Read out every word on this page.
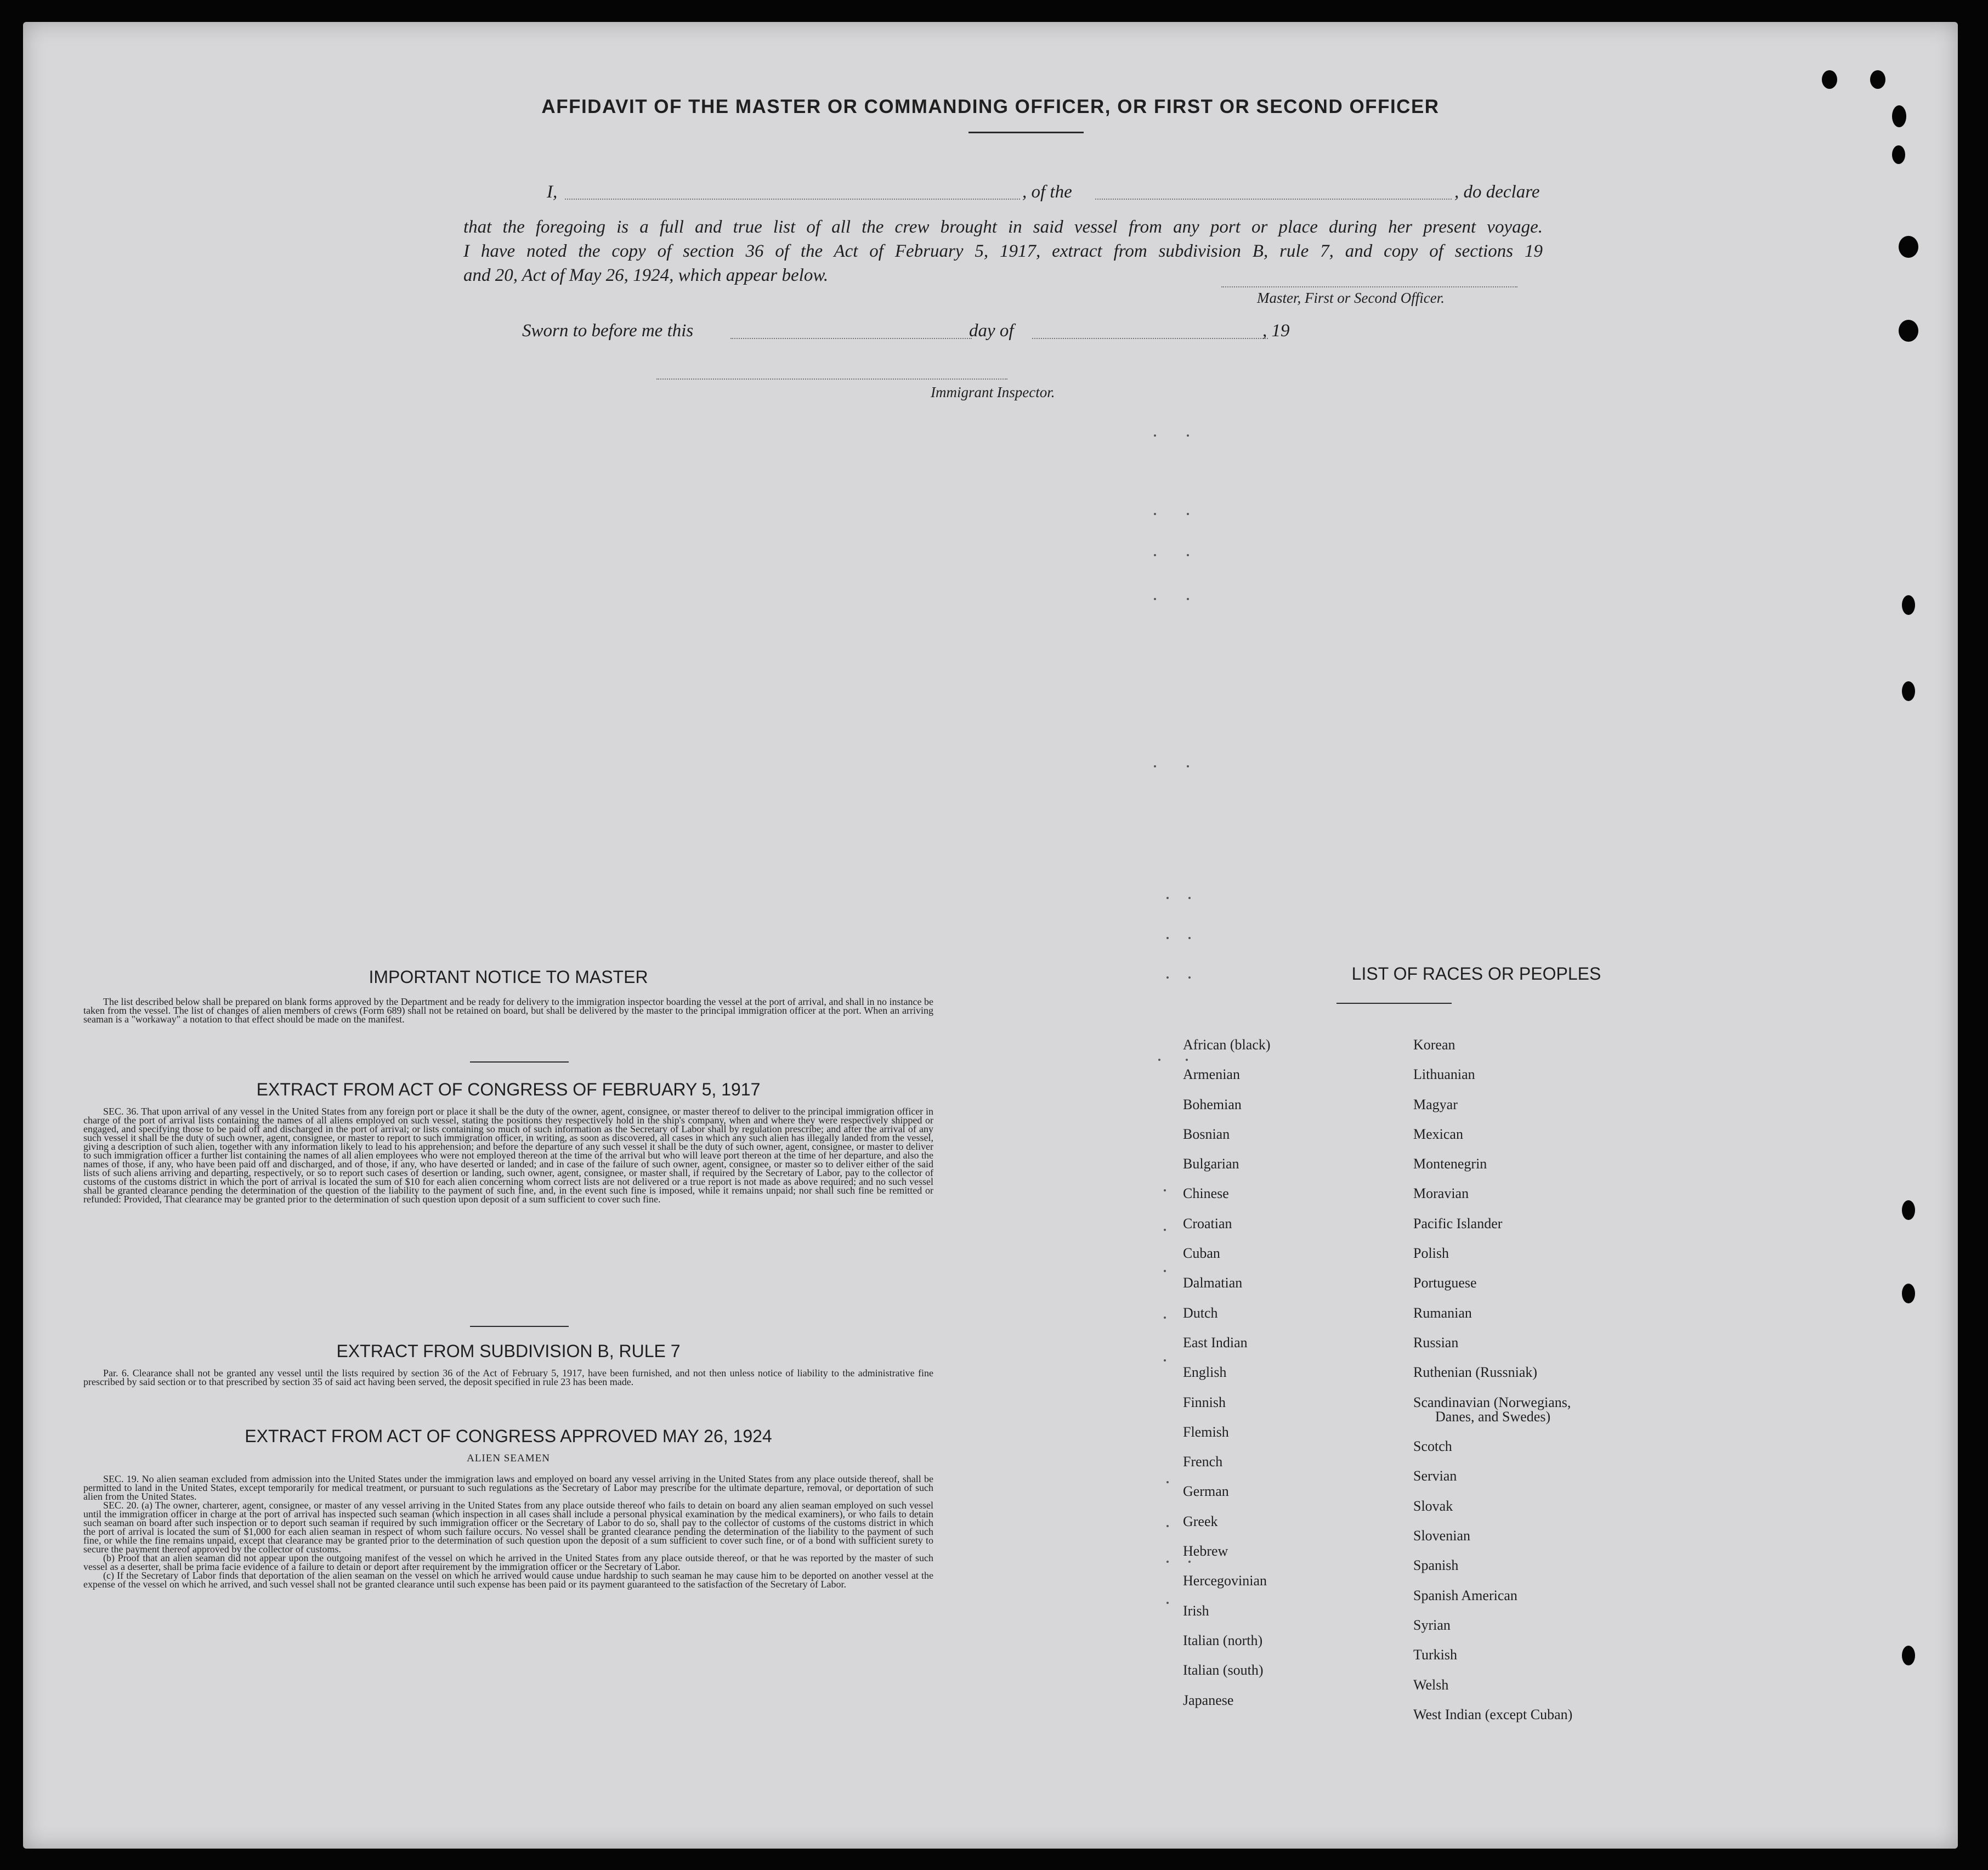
AFFIDAVIT OF THE MASTER OR COMMANDING OFFICER, OR FIRST OR SECOND OFFICER
I,	, of the	, do declare
that the foregoing is a full and true list of all the crew brought in said vessel from any port or place during her present voyage.
I have noted the copy of section 36 of the Act of February 5, 1917, extract from subdivision B, rule 7, and copy of sections 19
and 20, Act of May 26, 1924, which appear below.
Master, First or Second Officer.
Sworn to before me this	day of	, 19
Immigrant Inspector.
IMPORTANT NOTICE TO MASTER
The list described below shall be prepared on blank forms approved by the Department and be ready for delivery to the immigration inspector boarding the vessel at the port of arrival, and shall in no instance be taken from the vessel. The list of changes of alien members of crews (Form 689) shall not be retained on board, but shall be delivered by the master to the principal immigration officer at the port. When an arriving seaman is a "workaway" a notation to that effect should be made on the manifest.
EXTRACT FROM ACT OF CONGRESS OF FEBRUARY 5, 1917
SEC. 36. That upon arrival of any vessel in the United States from any foreign port or place it shall be the duty of the owner, agent, consignee, or master thereof to deliver to the principal immigration officer in charge of the port of arrival lists containing the names of all aliens employed on such vessel, stating the positions they respectively hold in the ship's company, when and where they were respectively shipped or engaged, and specifying those to be paid off and discharged in the port of arrival; or lists containing so much of such information as the Secretary of Labor shall by regulation prescribe; and after the arrival of any such vessel it shall be the duty of such owner, agent, consignee, or master to report to such immigration officer, in writing, as soon as discovered, all cases in which any such alien has illegally landed from the vessel, giving a description of such alien, together with any information likely to lead to his apprehension; and before the departure of any such vessel it shall be the duty of such owner, agent, consignee, or master to deliver to such immigration officer a further list containing the names of all alien employees who were not employed thereon at the time of the arrival but who will leave port thereon at the time of her departure, and also the names of those, if any, who have been paid off and discharged, and of those, if any, who have deserted or landed; and in case of the failure of such owner, agent, consignee, or master so to deliver either of the said lists of such aliens arriving and departing, respectively, or so to report such cases of desertion or landing, such owner, agent, consignee, or master shall, if required by the Secretary of Labor, pay to the collector of customs of the customs district in which the port of arrival is located the sum of $10 for each alien concerning whom correct lists are not delivered or a true report is not made as above required; and no such vessel shall be granted clearance pending the determination of the question of the liability to the payment of such fine, and, in the event such fine is imposed, while it remains unpaid; nor shall such fine be remitted or refunded: Provided, That clearance may be granted prior to the determination of such question upon deposit of a sum sufficient to cover such fine.
EXTRACT FROM SUBDIVISION B, RULE 7
Par. 6. Clearance shall not be granted any vessel until the lists required by section 36 of the Act of February 5, 1917, have been furnished, and not then unless notice of liability to the administrative fine prescribed by said section or to that prescribed by section 35 of said act having been served, the deposit specified in rule 23 has been made.
EXTRACT FROM ACT OF CONGRESS APPROVED MAY 26, 1924
ALIEN SEAMEN
SEC. 19. No alien seaman excluded from admission into the United States under the immigration laws and employed on board any vessel arriving in the United States from any place outside thereof, shall be permitted to land in the United States, except temporarily for medical treatment, or pursuant to such regulations as the Secretary of Labor may prescribe for the ultimate departure, removal, or deportation of such alien from the United States.
SEC. 20. (a) The owner, charterer, agent, consignee, or master of any vessel arriving in the United States from any place outside thereof who fails to detain on board any alien seaman employed on such vessel until the immigration officer in charge at the port of arrival has inspected such seaman (which inspection in all cases shall include a personal physical examination by the medical examiners), or who fails to detain such seaman on board after such inspection or to deport such seaman if required by such immigration officer or the Secretary of Labor to do so, shall pay to the collector of customs of the customs district in which the port of arrival is located the sum of $1,000 for each alien seaman in respect of whom such failure occurs. No vessel shall be granted clearance pending the determination of the liability to the payment of such fine, or while the fine remains unpaid, except that clearance may be granted prior to the determination of such question upon the deposit of a sum sufficient to cover such fine, or of a bond with sufficient surety to secure the payment thereof approved by the collector of customs.
(b) Proof that an alien seaman did not appear upon the outgoing manifest of the vessel on which he arrived in the United States from any place outside thereof, or that he was reported by the master of such vessel as a deserter, shall be prima facie evidence of a failure to detain or deport after requirement by the immigration officer or the Secretary of Labor.
(c) If the Secretary of Labor finds that deportation of the alien seaman on the vessel on which he arrived would cause undue hardship to such seaman he may cause him to be deported on another vessel at the expense of the vessel on which he arrived, and such vessel shall not be granted clearance until such expense has been paid or its payment guaranteed to the satisfaction of the Secretary of Labor.
LIST OF RACES OR PEOPLES
African (black)
Armenian
Bohemian
Bosnian
Bulgarian
Chinese
Croatian
Cuban
Dalmatian
Dutch
East Indian
English
Finnish
Flemish
French
German
Greek
Hebrew
Hercegovinian
Irish
Italian (north)
Italian (south)
Japanese
Korean
Lithuanian
Magyar
Mexican
Montenegrin
Moravian
Pacific Islander
Polish
Portuguese
Rumanian
Russian
Ruthenian (Russniak)
Scandinavian (Norwegians,
Danes, and Swedes)
Scotch
Servian
Slovak
Slovenian
Spanish
Spanish American
Syrian
Turkish
Welsh
West Indian (except Cuban)
